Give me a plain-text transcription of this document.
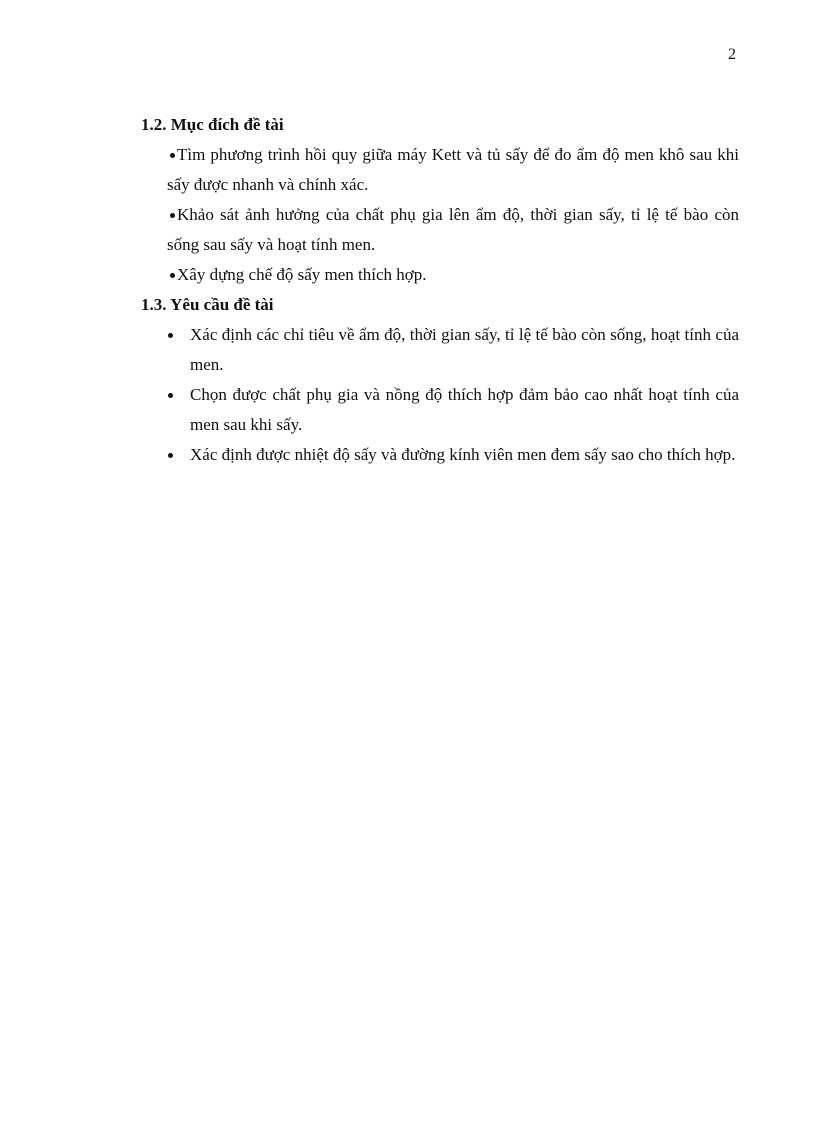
2

1.2. Mục đích đề tài

Tìm phương trình hồi quy giữa máy Kett và tủ sấy để đo ẩm độ men khô sau khi sấy được nhanh và chính xác.
Khảo sát ảnh hưởng của chất phụ gia lên ẩm độ, thời gian sấy, tỉ lệ tế bào còn sống sau sấy và hoạt tính men.
Xây dựng chế độ sấy men thích hợp.

1.3. Yêu cầu đề tài

Xác định các chỉ tiêu về ẩm độ, thời gian sấy, tỉ lệ tế bào còn sống, hoạt tính của men.
Chọn được chất phụ gia và nồng độ thích hợp đảm bảo cao nhất hoạt tính của men sau khi sấy.
Xác định được nhiệt độ sấy và đường kính viên men đem sấy sao cho thích hợp.
